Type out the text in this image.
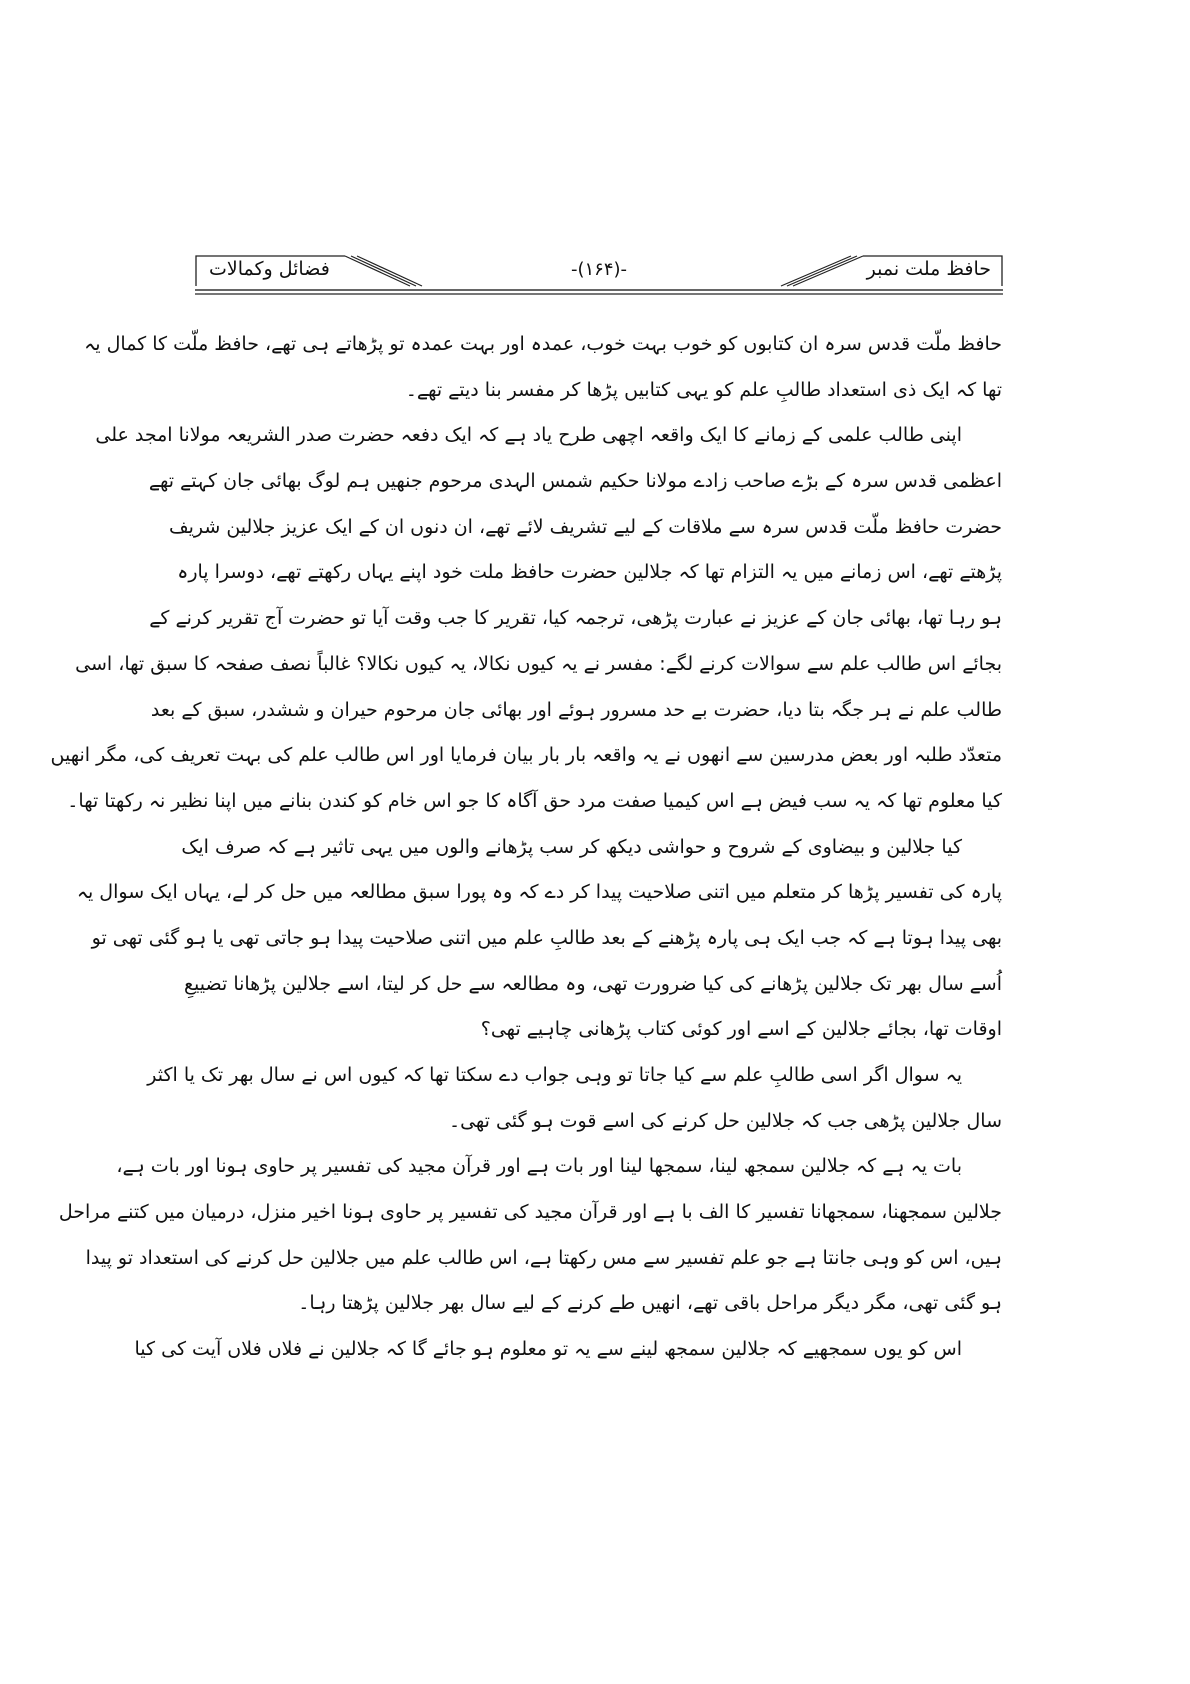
فضائل وکمالات	-(۱۶۴)-	حافظ ملت نمبر
حافظ ملّت قدس سرہ ان کتابوں کو خوب بہت خوب، عمدہ اور بہت عمدہ تو پڑھاتے ہی تھے، حافظ ملّت کا کمال یہ
تھا کہ ایک ذی استعداد طالبِ علم کو یہی کتابیں پڑھا کر مفسر بنا دیتے تھے۔
اپنی طالب علمی کے زمانے کا ایک واقعہ اچھی طرح یاد ہے کہ ایک دفعہ حضرت صدر الشریعہ مولانا امجد علی
اعظمی قدس سرہ کے بڑے صاحب زادے مولانا حکیم شمس الہدی مرحوم جنھیں ہم لوگ بھائی جان کہتے تھے
حضرت حافظ ملّت قدس سرہ سے ملاقات کے لیے تشریف لائے تھے، ان دنوں ان کے ایک عزیز جلالین شریف
پڑھتے تھے، اس زمانے میں یہ التزام تھا کہ جلالین حضرت حافظ ملت خود اپنے یہاں رکھتے تھے، دوسرا پارہ
ہو رہا تھا، بھائی جان کے عزیز نے عبارت پڑھی، ترجمہ کیا، تقریر کا جب وقت آیا تو حضرت آج تقریر کرنے کے
بجائے اس طالب علم سے سوالات کرنے لگے: مفسر نے یہ کیوں نکالا، یہ کیوں نکالا؟ غالباً نصف صفحہ کا سبق تھا، اسی
طالب علم نے ہر جگہ بتا دیا، حضرت بے حد مسرور ہوئے اور بھائی جان مرحوم حیران و ششدر، سبق کے بعد
متعدّد طلبہ اور بعض مدرسین سے انھوں نے یہ واقعہ بار بار بیان فرمایا اور اس طالب علم کی بہت تعریف کی، مگر انھیں
کیا معلوم تھا کہ یہ سب فیض ہے اس کیمیا صفت مرد حق آگاہ کا جو اس خام کو کندن بنانے میں اپنا نظیر نہ رکھتا تھا۔
کیا جلالین و بیضاوی کے شروح و حواشی دیکھ کر سب پڑھانے والوں میں یہی تاثیر ہے کہ صرف ایک
پارہ کی تفسیر پڑھا کر متعلم میں اتنی صلاحیت پیدا کر دے کہ وہ پورا سبق مطالعہ میں حل کر لے، یہاں ایک سوال یہ
بھی پیدا ہوتا ہے کہ جب ایک ہی پارہ پڑھنے کے بعد طالبِ علم میں اتنی صلاحیت پیدا ہو جاتی تھی یا ہو گئی تھی تو
اُسے سال بھر تک جلالین پڑھانے کی کیا ضرورت تھی، وہ مطالعہ سے حل کر لیتا، اسے جلالین پڑھانا تضییعِ
اوقات تھا، بجائے جلالین کے اسے اور کوئی کتاب پڑھانی چاہیے تھی؟
یہ سوال اگر اسی طالبِ علم سے کیا جاتا تو وہی جواب دے سکتا تھا کہ کیوں اس نے سال بھر تک یا اکثر
سال جلالین پڑھی جب کہ جلالین حل کرنے کی اسے قوت ہو گئی تھی۔
بات یہ ہے کہ جلالین سمجھ لینا، سمجھا لینا اور بات ہے اور قرآن مجید کی تفسیر پر حاوی ہونا اور بات ہے،
جلالین سمجھنا، سمجھانا تفسیر کا الف با ہے اور قرآن مجید کی تفسیر پر حاوی ہونا اخیر منزل، درمیان میں کتنے مراحل
ہیں، اس کو وہی جانتا ہے جو علم تفسیر سے مس رکھتا ہے، اس طالب علم میں جلالین حل کرنے کی استعداد تو پیدا
ہو گئی تھی، مگر دیگر مراحل باقی تھے، انھیں طے کرنے کے لیے سال بھر جلالین پڑھتا رہا۔
اس کو یوں سمجھیے کہ جلالین سمجھ لینے سے یہ تو معلوم ہو جائے گا کہ جلالین نے فلاں فلاں آیت کی کیا
